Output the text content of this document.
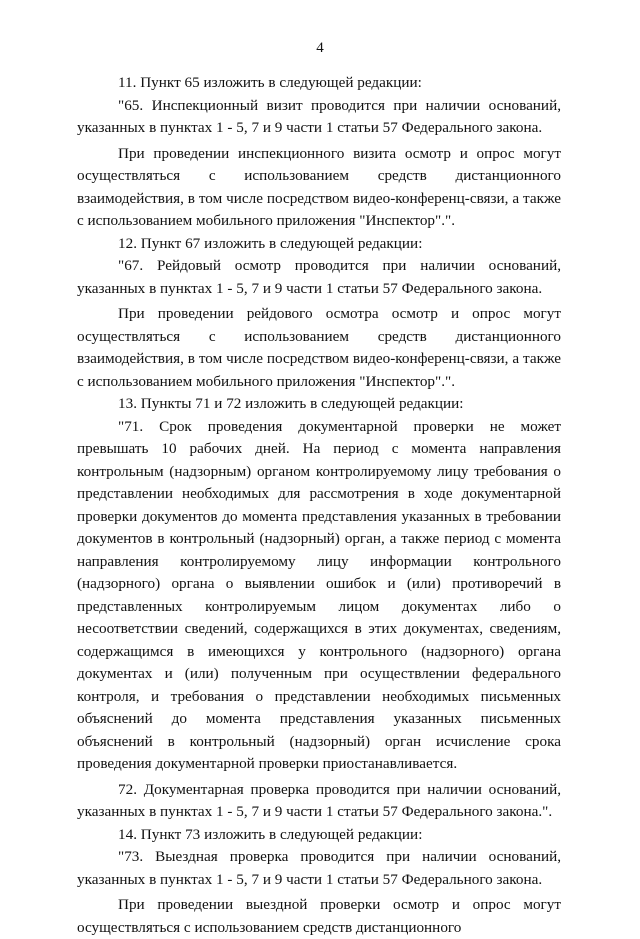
4

11. Пункт 65 изложить в следующей редакции:

"65. Инспекционный визит проводится при наличии оснований, указанных в пунктах 1 - 5, 7 и 9 части 1 статьи 57 Федерального закона.

При проведении инспекционного визита осмотр и опрос могут осуществляться с использованием средств дистанционного взаимодействия, в том числе посредством видео-конференц-связи, а также с использованием мобильного приложения "Инспектор".".

12. Пункт 67 изложить в следующей редакции:

"67. Рейдовый осмотр проводится при наличии оснований, указанных в пунктах 1 - 5, 7 и 9 части 1 статьи 57 Федерального закона.

При проведении рейдового осмотра осмотр и опрос могут осуществляться с использованием средств дистанционного взаимодействия, в том числе посредством видео-конференц-связи, а также с использованием мобильного приложения "Инспектор".".

13. Пункты 71 и 72 изложить в следующей редакции:

"71. Срок проведения документарной проверки не может превышать 10 рабочих дней. На период с момента направления контрольным (надзорным) органом контролируемому лицу требования о представлении необходимых для рассмотрения в ходе документарной проверки документов до момента представления указанных в требовании документов в контрольный (надзорный) орган, а также период с момента направления контролируемому лицу информации контрольного (надзорного) органа о выявлении ошибок и (или) противоречий в представленных контролируемым лицом документах либо о несоответствии сведений, содержащихся в этих документах, сведениям, содержащимся в имеющихся у контрольного (надзорного) органа документах и (или) полученным при осуществлении федерального контроля, и требования о представлении необходимых письменных объяснений до момента представления указанных письменных объяснений в контрольный (надзорный) орган исчисление срока проведения документарной проверки приостанавливается.

72. Документарная проверка проводится при наличии оснований, указанных в пунктах 1 - 5, 7 и 9 части 1 статьи 57 Федерального закона.".

14. Пункт 73 изложить в следующей редакции:

"73. Выездная проверка проводится при наличии оснований, указанных в пунктах 1 - 5, 7 и 9 части 1 статьи 57 Федерального закона.

При проведении выездной проверки осмотр и опрос могут осуществляться с использованием средств дистанционного
